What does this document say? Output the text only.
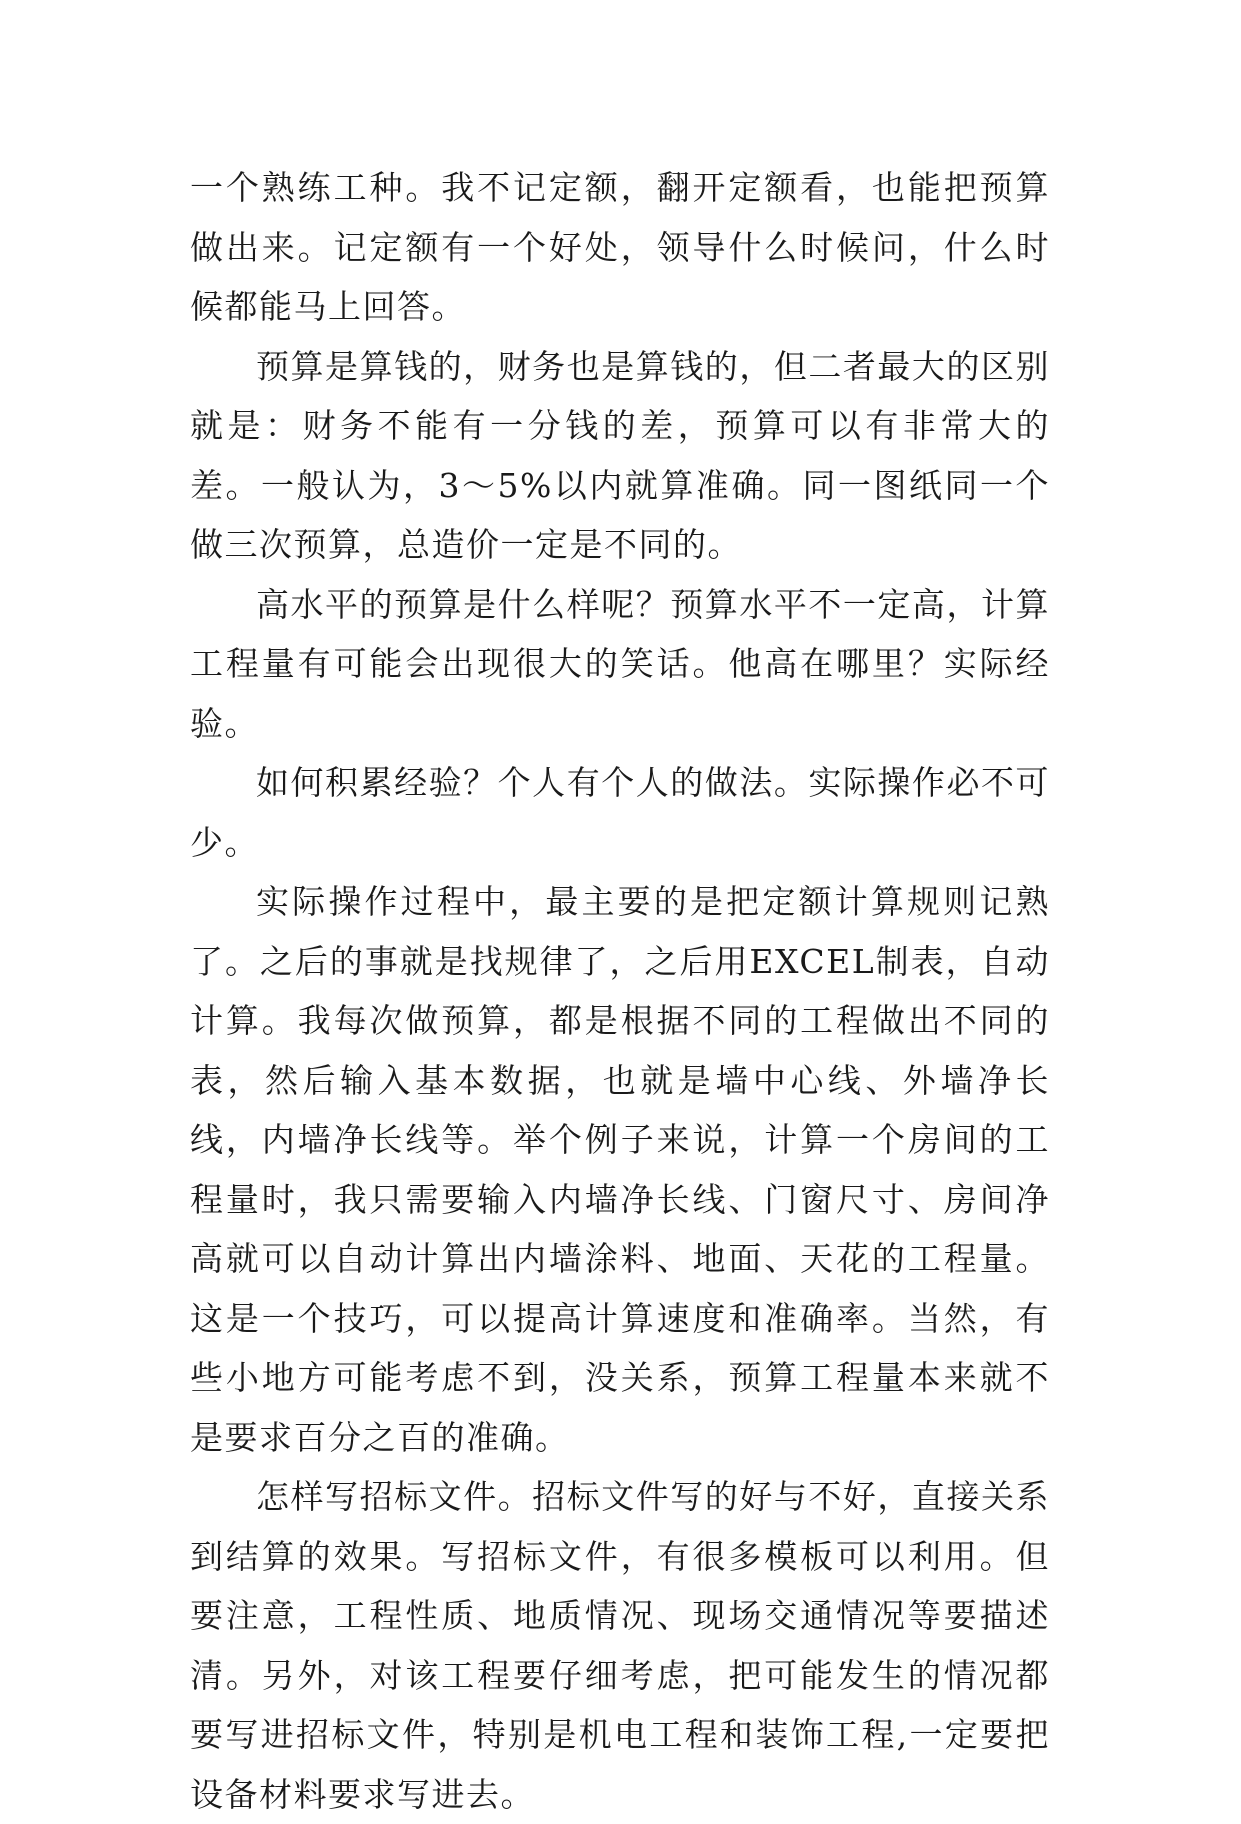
一个熟练工种。我不记定额，翻开定额看，也能把预算做出来。记定额有一个好处，领导什么时候问，什么时候都能马上回答。

预算是算钱的，财务也是算钱的，但二者最大的区别就是：财务不能有一分钱的差，预算可以有非常大的差。一般认为，3～5%以内就算准确。同一图纸同一个做三次预算，总造价一定是不同的。

高水平的预算是什么样呢？预算水平不一定高，计算工程量有可能会出现很大的笑话。他高在哪里？实际经验。

如何积累经验？个人有个人的做法。实际操作必不可少。

实际操作过程中，最主要的是把定额计算规则记熟了。之后的事就是找规律了，之后用EXCEL制表，自动计算。我每次做预算，都是根据不同的工程做出不同的表，然后输入基本数据，也就是墙中心线、外墙净长线，内墙净长线等。举个例子来说，计算一个房间的工程量时，我只需要输入内墙净长线、门窗尺寸、房间净高就可以自动计算出内墙涂料、地面、天花的工程量。这是一个技巧，可以提高计算速度和准确率。当然，有些小地方可能考虑不到，没关系，预算工程量本来就不是要求百分之百的准确。

怎样写招标文件。招标文件写的好与不好，直接关系到结算的效果。写招标文件，有很多模板可以利用。但要注意，工程性质、地质情况、现场交通情况等要描述清。另外，对该工程要仔细考虑，把可能发生的情况都要写进招标文件，特别是机电工程和装饰工程,一定要把设备材料要求写进去。
